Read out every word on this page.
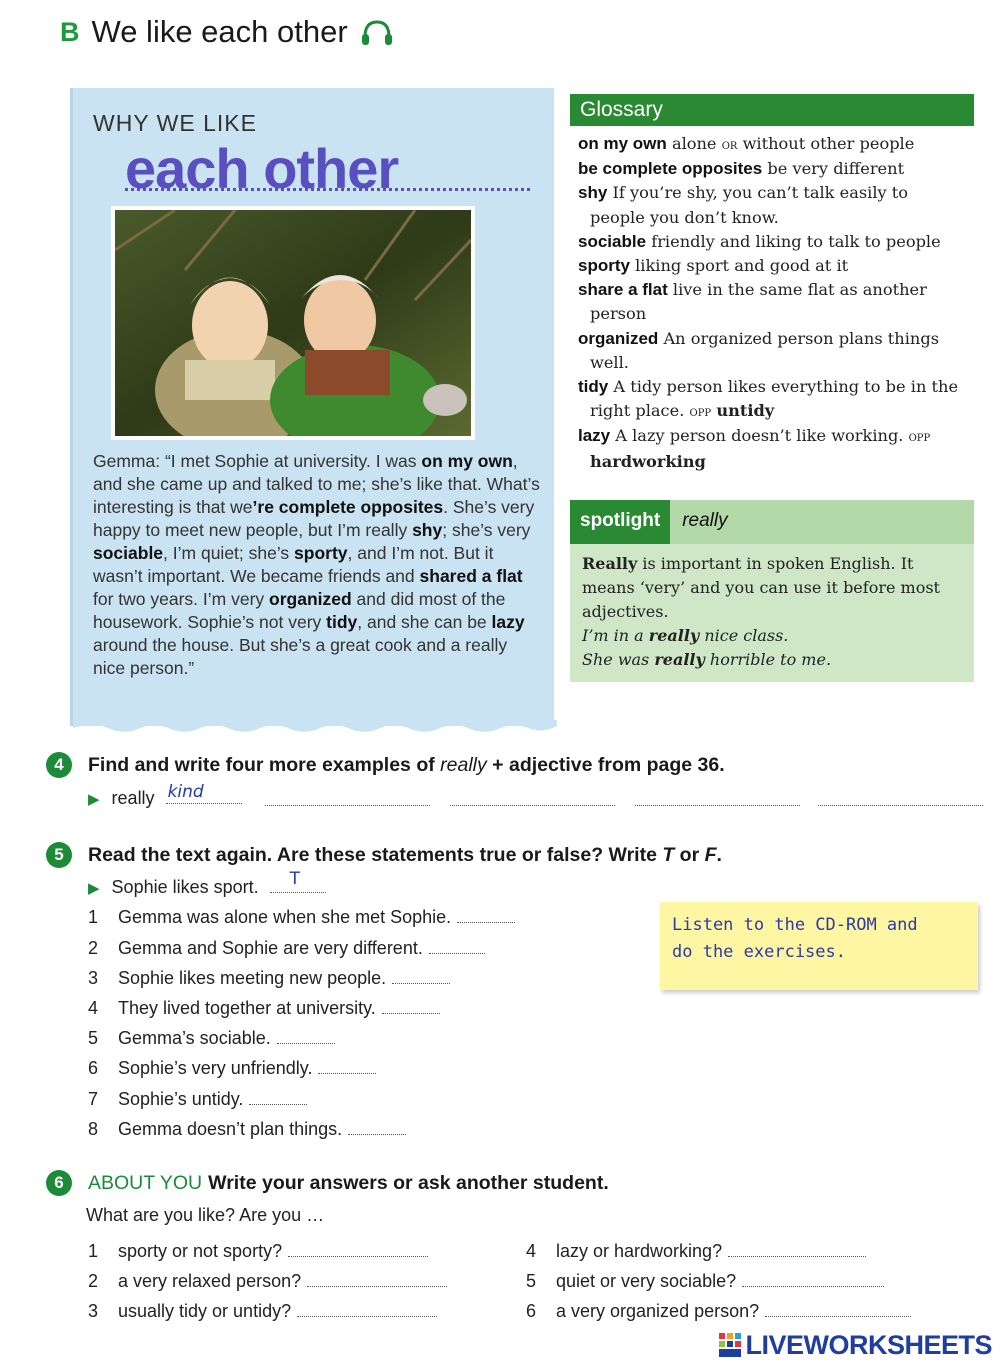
B We like each other
WHY WE LIKE
each other
Gemma: “I met Sophie at university. I was on my own, and she came up and talked to me; she’s like that. What’s interesting is that we’re complete opposites. She’s very happy to meet new people, but I’m really shy; she’s very sociable, I’m quiet; she’s sporty, and I’m not. But it wasn’t important. We became friends and shared a flat for two years. I’m very organized and did most of the housework. Sophie’s not very tidy, and she can be lazy around the house. But she’s a great cook and a really nice person.”
Glossary
on my own alone or without other people
be complete opposites be very different
shy If you’re shy, you can’t talk easily to people you don’t know.
sociable friendly and liking to talk to people
sporty liking sport and good at it
share a flat live in the same flat as another person
organized An organized person plans things well.
tidy A tidy person likes everything to be in the right place. opp untidy
lazy A lazy person doesn’t like working. opp hardworking
spotlight	really
Really is important in spoken English. It means ‘very’ and you can use it before most adjectives.
I’m in a really nice class.
She was really horrible to me.
4	Find and write four more examples of really + adjective from page 36.
▶ really kind
5	Read the text again. Are these statements true or false? Write T or F.
▶ Sophie likes sport. T
1 Gemma was alone when she met Sophie.
2 Gemma and Sophie are very different.
3 Sophie likes meeting new people.
4 They lived together at university.
5 Gemma’s sociable.
6 Sophie’s very unfriendly.
7 Sophie’s untidy.
8 Gemma doesn’t plan things.
Listen to the CD-ROM and
do the exercises.
6	ABOUT YOU Write your answers or ask another student.
What are you like? Are you …
1 sporty or not sporty?
2 a very relaxed person?
3 usually tidy or untidy?
4 lazy or hardworking?
5 quiet or very sociable?
6 a very organized person?
LIVEWORKSHEETS
